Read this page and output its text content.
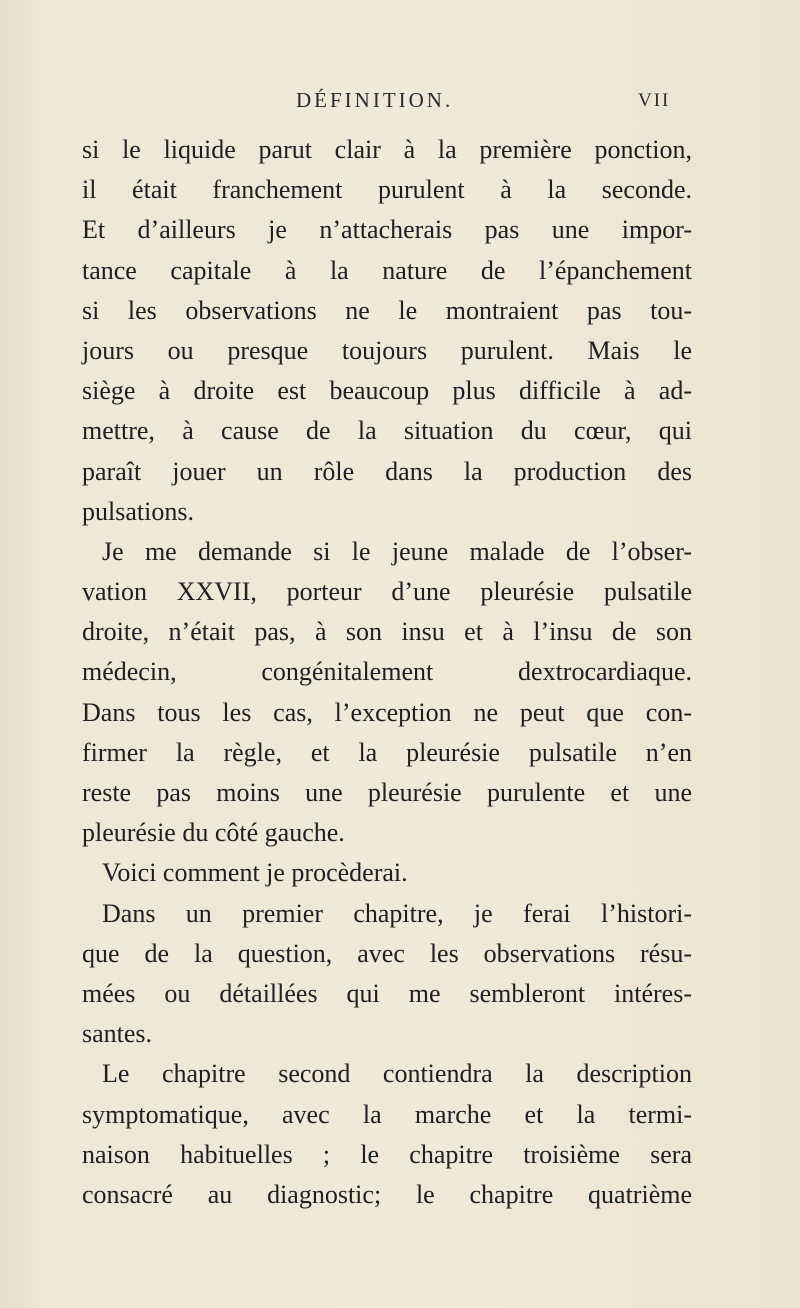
DÉFINITION.	VII
si le liquide parut clair à la première ponction,
il était franchement purulent à la seconde.
Et d’ailleurs je n’attacherais pas une impor-
tance capitale à la nature de l’épanchement
si les observations ne le montraient pas tou-
jours ou presque toujours purulent. Mais le
siège à droite est beaucoup plus difficile à ad-
mettre, à cause de la situation du cœur, qui
paraît jouer un rôle dans la production des
pulsations.
Je me demande si le jeune malade de l’obser-
vation XXVII, porteur d’une pleurésie pulsatile
droite, n’était pas, à son insu et à l’insu de son
médecin, congénitalement dextrocardiaque.
Dans tous les cas, l’exception ne peut que con-
firmer la règle, et la pleurésie pulsatile n’en
reste pas moins une pleurésie purulente et une
pleurésie du côté gauche.
Voici comment je procèderai.
Dans un premier chapitre, je ferai l’histori-
que de la question, avec les observations résu-
mées ou détaillées qui me sembleront intéres-
santes.
Le chapitre second contiendra la description
symptomatique, avec la marche et la termi-
naison habituelles ; le chapitre troisième sera
consacré au diagnostic; le chapitre quatrième
